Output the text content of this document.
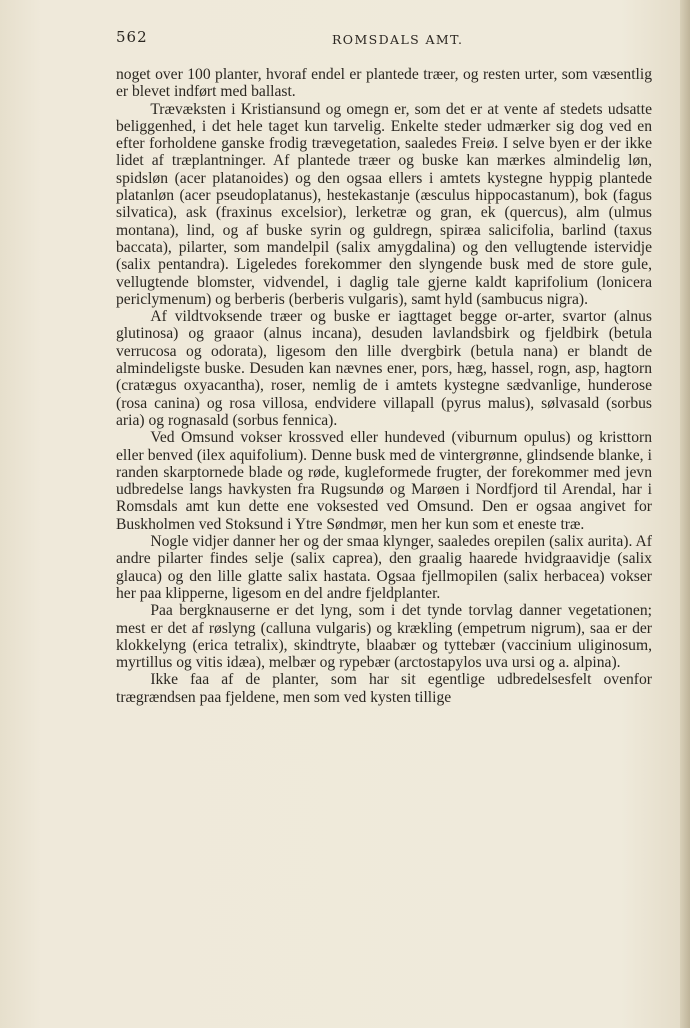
562	ROMSDALS AMT.

noget over 100 planter, hvoraf endel er plantede træer, og resten urter, som væsentlig er blevet indført med ballast.

Trævæksten i Kristiansund og omegn er, som det er at vente af stedets udsatte beliggenhed, i det hele taget kun tarvelig. Enkelte steder udmærker sig dog ved en efter forholdene ganske frodig trævegetation, saaledes Freiø. I selve byen er der ikke lidet af træplantninger. Af plantede træer og buske kan mærkes almindelig løn, spidsløn (acer platanoides) og den ogsaa ellers i amtets kystegne hyppig plantede platanløn (acer pseudoplatanus), hestekastanje (æsculus hippocastanum), bok (fagus silvatica), ask (fraxinus excelsior), lerketræ og gran, ek (quercus), alm (ulmus montana), lind, og af buske syrin og guldregn, spiræa salicifolia, barlind (taxus baccata), pilarter, som mandelpil (salix amygdalina) og den vellugtende istervidje (salix pentandra). Ligeledes forekommer den slyngende busk med de store gule, vellugtende blomster, vidvendel, i daglig tale gjerne kaldt kaprifolium (lonicera periclymenum) og berberis (berberis vulgaris), samt hyld (sambucus nigra).

Af vildtvoksende træer og buske er iagttaget begge or-arter, svartor (alnus glutinosa) og graaor (alnus incana), desuden lavlandsbirk og fjeldbirk (betula verrucosa og odorata), ligesom den lille dvergbirk (betula nana) er blandt de almindeligste buske. Desuden kan nævnes ener, pors, hæg, hassel, rogn, asp, hagtorn (cratægus oxyacantha), roser, nemlig de i amtets kystegne sædvanlige, hunderose (rosa canina) og rosa villosa, endvidere villapall (pyrus malus), sølvasald (sorbus aria) og rognasald (sorbus fennica).

Ved Omsund vokser krossved eller hundeved (viburnum opulus) og kristtorn eller benved (ilex aquifolium). Denne busk med de vintergrønne, glindsende blanke, i randen skarptornede blade og røde, kugleformede frugter, der forekommer med jevn udbredelse langs havkysten fra Rugsundø og Marøen i Nordfjord til Arendal, har i Romsdals amt kun dette ene voksested ved Omsund. Den er ogsaa angivet for Buskholmen ved Stoksund i Ytre Søndmør, men her kun som et eneste træ.

Nogle vidjer danner her og der smaa klynger, saaledes orepilen (salix aurita). Af andre pilarter findes selje (salix caprea), den graalig haarede hvidgraavidje (salix glauca) og den lille glatte salix hastata. Ogsaa fjellmopilen (salix herbacea) vokser her paa klipperne, ligesom en del andre fjeldplanter.

Paa bergknauserne er det lyng, som i det tynde torvlag danner vegetationen; mest er det af røslyng (calluna vulgaris) og krækling (empetrum nigrum), saa er der klokkelyng (erica tetralix), skindtryte, blaabær og tyttebær (vaccinium uliginosum, myrtillus og vitis idæa), melbær og rypebær (arctostapylos uva ursi og a. alpina).

Ikke faa af de planter, som har sit egentlige udbredelsesfelt ovenfor trægrændsen paa fjeldene, men som ved kysten tillige
